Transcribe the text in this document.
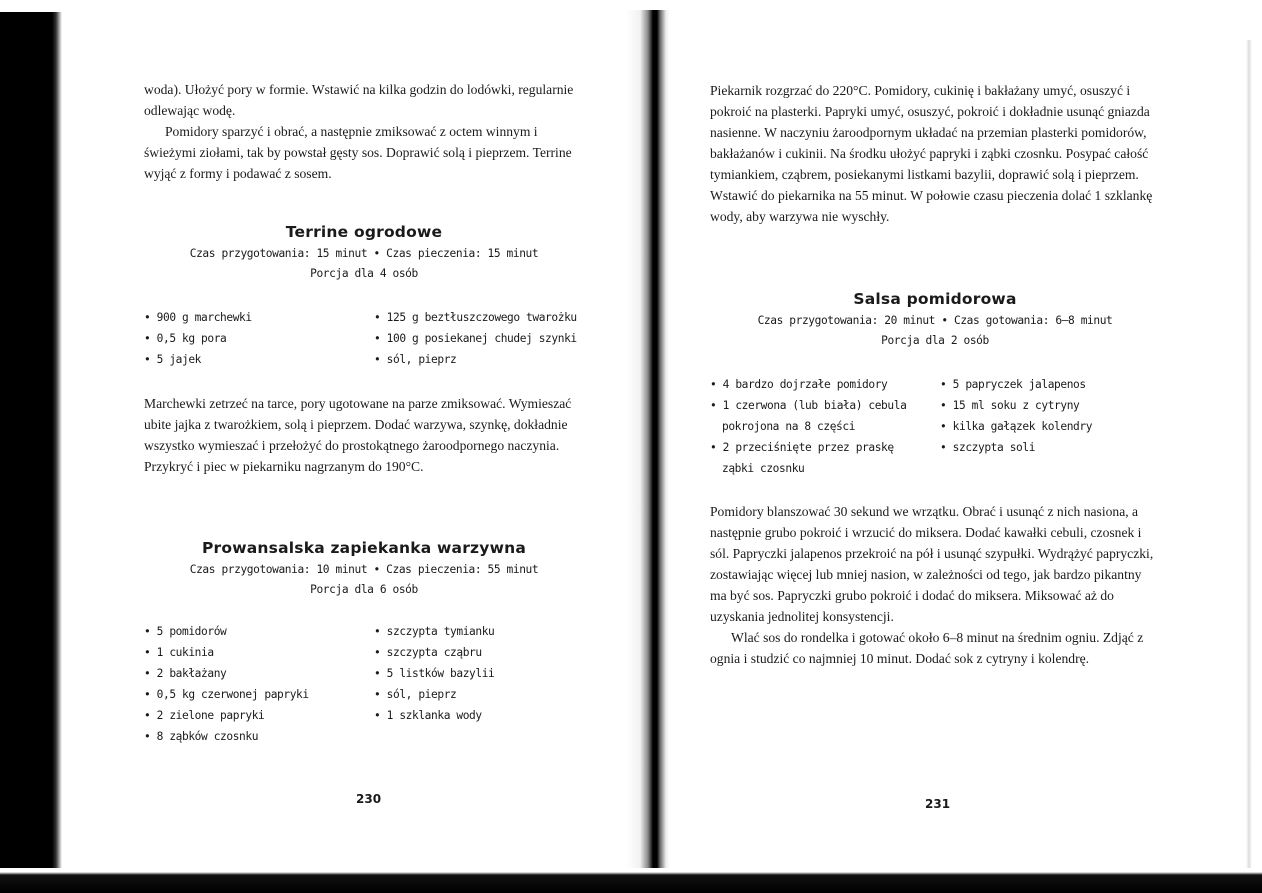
woda). Ułożyć pory w formie. Wstawić na kilka godzin do lodówki, regularnie odlewając wodę.

Pomidory sparzyć i obrać, a następnie zmiksować z octem winnym i świeżymi ziołami, tak by powstał gęsty sos. Doprawić solą i pieprzem. Terrine wyjąć z formy i podawać z sosem.

Terrine ogrodowe
Czas przygotowania: 15 minut • Czas pieczenia: 15 minut
Porcja dla 4 osób
• 900 g marchewki
• 0,5 kg pora
• 5 jajek
• 125 g beztłuszczowego twarożku
• 100 g posiekanej chudej szynki
• sól, pieprz

Marchewki zetrzeć na tarce, pory ugotowane na parze zmiksować. Wymieszać ubite jajka z twarożkiem, solą i pieprzem. Dodać warzywa, szynkę, dokładnie wszystko wymieszać i przełożyć do prostokątnego żaroodpornego naczynia. Przykryć i piec w piekarniku nagrzanym do 190°C.

Prowansalska zapiekanka warzywna
Czas przygotowania: 10 minut • Czas pieczenia: 55 minut
Porcja dla 6 osób
• 5 pomidorów
• 1 cukinia
• 2 bakłażany
• 0,5 kg czerwonej papryki
• 2 zielone papryki
• 8 ząbków czosnku
• szczypta tymianku
• szczypta cząbru
• 5 listków bazylii
• sól, pieprz
• 1 szklanka wody
230

Piekarnik rozgrzać do 220°C. Pomidory, cukinię i bakłażany umyć, osuszyć i pokroić na plasterki. Papryki umyć, osuszyć, pokroić i dokładnie usunąć gniazda nasienne. W naczyniu żaroodpornym układać na przemian plasterki pomidorów, bakłażanów i cukinii. Na środku ułożyć papryki i ząbki czosnku. Posypać całość tymiankiem, cząbrem, posiekanymi listkami bazylii, doprawić solą i pieprzem. Wstawić do piekarnika na 55 minut. W połowie czasu pieczenia dolać 1 szklankę wody, aby warzywa nie wyschły.

Salsa pomidorowa
Czas przygotowania: 20 minut • Czas gotowania: 6–8 minut
Porcja dla 2 osób
• 4 bardzo dojrzałe pomidory
• 1 czerwona (lub biała) cebula
pokrojona na 8 części
• 2 przeciśnięte przez praskę
ząbki czosnku
• 5 papryczek jalapenos
• 15 ml soku z cytryny
• kilka gałązek kolendry
• szczypta soli

Pomidory blanszować 30 sekund we wrzątku. Obrać i usunąć z nich nasiona, a następnie grubo pokroić i wrzucić do miksera. Dodać kawałki cebuli, czosnek i sól. Papryczki jalapenos przekroić na pół i usunąć szypułki. Wydrążyć papryczki, zostawiając więcej lub mniej nasion, w zależności od tego, jak bardzo pikantny ma być sos. Papryczki grubo pokroić i dodać do miksera. Miksować aż do uzyskania jednolitej konsystencji.

Wlać sos do rondelka i gotować około 6–8 minut na średnim ogniu. Zdjąć z ognia i studzić co najmniej 10 minut. Dodać sok z cytryny i kolendrę.

231
